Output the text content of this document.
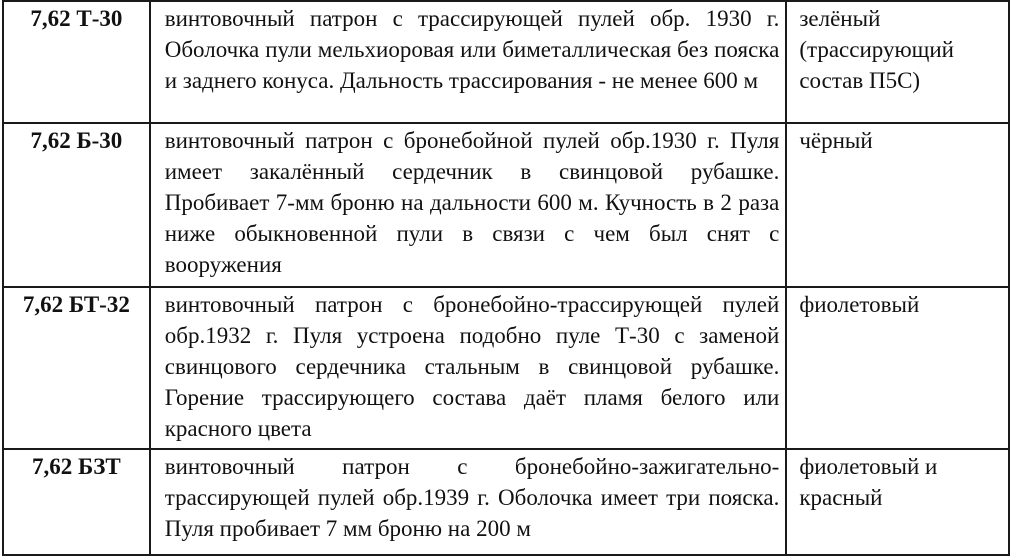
7,62 Т-30	винтовочный патрон с трассирующей пулей обр. 1930 г. Оболочка пули мельхиоровая или биметаллическая без пояска и заднего конуса. Дальность трассирования - не менее 600 м	зелёный (трассирующий состав П5С)

7,62 Б-30	винтовочный патрон с бронебойной пулей обр.1930 г. Пуля имеет закалённый сердечник в свинцовой рубашке. Пробивает 7-мм броню на дальности 600 м. Кучность в 2 раза ниже обыкновенной пули в связи с чем был снят с вооружения	чёрный

7,62 БТ-32	винтовочный патрон с бронебойно-трассирующей пулей обр.1932 г. Пуля устроена подобно пуле Т-30 с заменой свинцового сердечника стальным в свинцовой рубашке. Горение трассирующего состава даёт пламя белого или красного цвета	фиолетовый

7,62 БЗТ	винтовочный патрон с бронебойно-зажигательно-трассирующей пулей обр.1939 г. Оболочка имеет три пояска. Пуля пробивает 7 мм броню на 200 м	фиолетовый и красный
